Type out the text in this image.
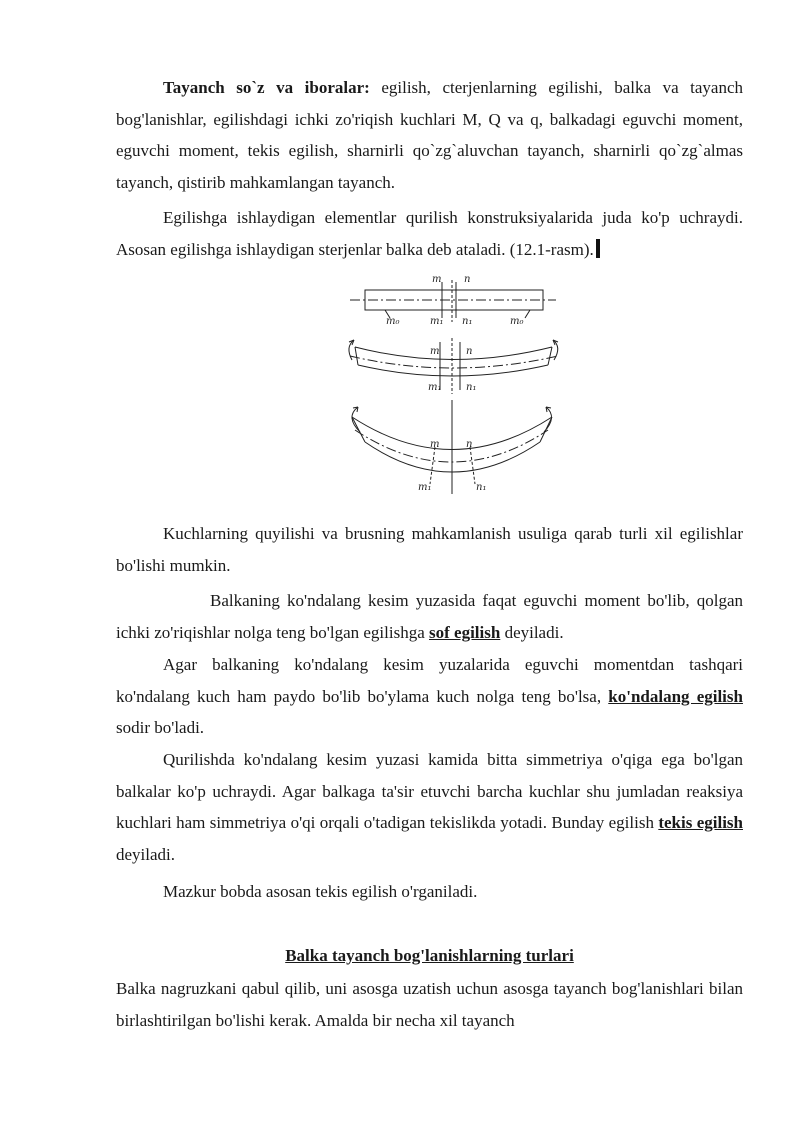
Tayanch so`z va iboralar: egilish, cterjenlarning egilishi, balka va tayanch bog'lanishlar, egilishdagi ichki zo'riqish kuchlari M, Q va q, balkadagi eguvchi moment, eguvchi moment, tekis egilish, sharnirli qo`zg`aluvchan tayanch, sharnirli qo`zg`almas tayanch, qistirib mahkamlangan tayanch.
Egilishga ishlaydigan elementlar qurilish konstruksiyalarida juda ko'p uchraydi. Asosan egilishga ishlaydigan sterjenlar balka deb ataladi. (12.1-rasm).
m n
m₀	m₁ n₁	m₀
m	n
m₁ n₁
m	n
m₁	n₁
Kuchlarning quyilishi va brusning mahkamlanish usuliga qarab turli xil egilishlar bo'lishi mumkin.
Balkaning ko'ndalang kesim yuzasida faqat eguvchi moment bo'lib, qolgan ichki zo'riqishlar nolga teng bo'lgan egilishga sof egilish deyiladi.
Agar balkaning ko'ndalang kesim yuzalarida eguvchi momentdan tashqari ko'ndalang kuch ham paydo bo'lib bo'ylama kuch nolga teng bo'lsa, ko'ndalang egilish sodir bo'ladi.
Qurilishda ko'ndalang kesim yuzasi kamida bitta simmetriya o'qiga ega bo'lgan balkalar ko'p uchraydi. Agar balkaga ta'sir etuvchi barcha kuchlar shu jumladan reaksiya kuchlari ham simmetriya o'qi orqali o'tadigan tekislikda yotadi. Bunday egilish tekis egilish deyiladi.
Mazkur bobda asosan tekis egilish o'rganiladi.
Balka tayanch bog'lanishlarning turlari
Balka nagruzkani qabul qilib, uni asosga uzatish uchun asosga tayanch bog'lanishlari bilan birlashtirilgan bo'lishi kerak. Amalda bir necha xil tayanch
